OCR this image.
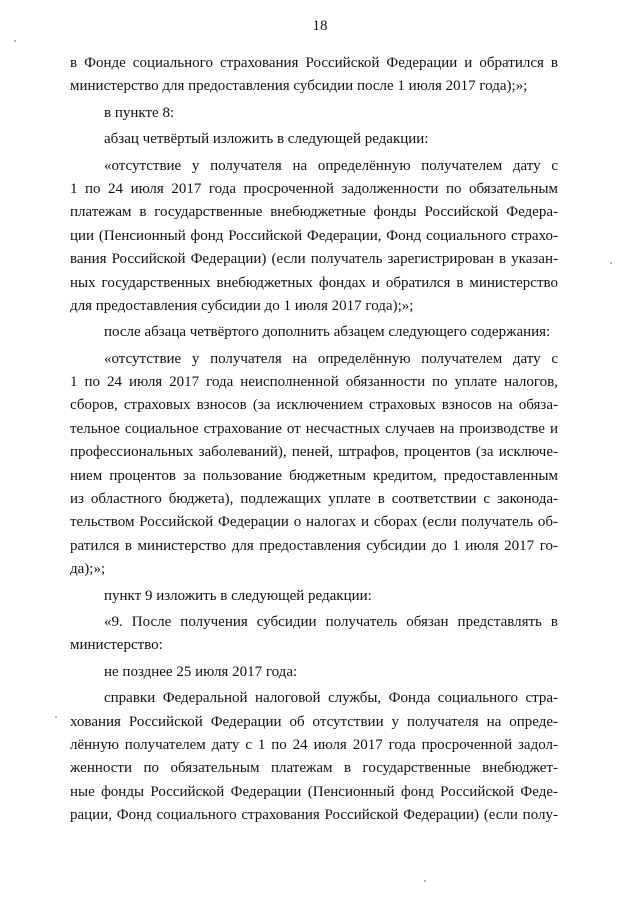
18
в Фонде социального страхования Российской Федерации и обратился в
министерство для предоставления субсидии после 1 июля 2017 года);»;
в пункте 8:
абзац четвёртый изложить в следующей редакции:
«отсутствие у получателя на определённую получателем дату с
1 по 24 июля 2017 года просроченной задолженности по обязательным
платежам в государственные внебюджетные фонды Российской Федера-
ции (Пенсионный фонд Российской Федерации, Фонд социального страхо-
вания Российской Федерации) (если получатель зарегистрирован в указан-
ных государственных внебюджетных фондах и обратился в министерство
для предоставления субсидии до 1 июля 2017 года);»;
после абзаца четвёртого дополнить абзацем следующего содержания:
«отсутствие у получателя на определённую получателем дату с
1 по 24 июля 2017 года неисполненной обязанности по уплате налогов,
сборов, страховых взносов (за исключением страховых взносов на обяза-
тельное социальное страхование от несчастных случаев на производстве и
профессиональных заболеваний), пеней, штрафов, процентов (за исключе-
нием процентов за пользование бюджетным кредитом, предоставленным
из областного бюджета), подлежащих уплате в соответствии с законода-
тельством Российской Федерации о налогах и сборах (если получатель об-
ратился в министерство для предоставления субсидии до 1 июля 2017 го-
да);»;
пункт 9 изложить в следующей редакции:
«9. После получения субсидии получатель обязан представлять в
министерство:
не позднее 25 июля 2017 года:
справки Федеральной налоговой службы, Фонда социального стра-
хования Российской Федерации об отсутствии у получателя на опреде-
лённую получателем дату с 1 по 24 июля 2017 года просроченной задол-
женности по обязательным платежам в государственные внебюджет-
ные фонды Российской Федерации (Пенсионный фонд Российской Феде-
рации, Фонд социального страхования Российской Федерации) (если полу-
